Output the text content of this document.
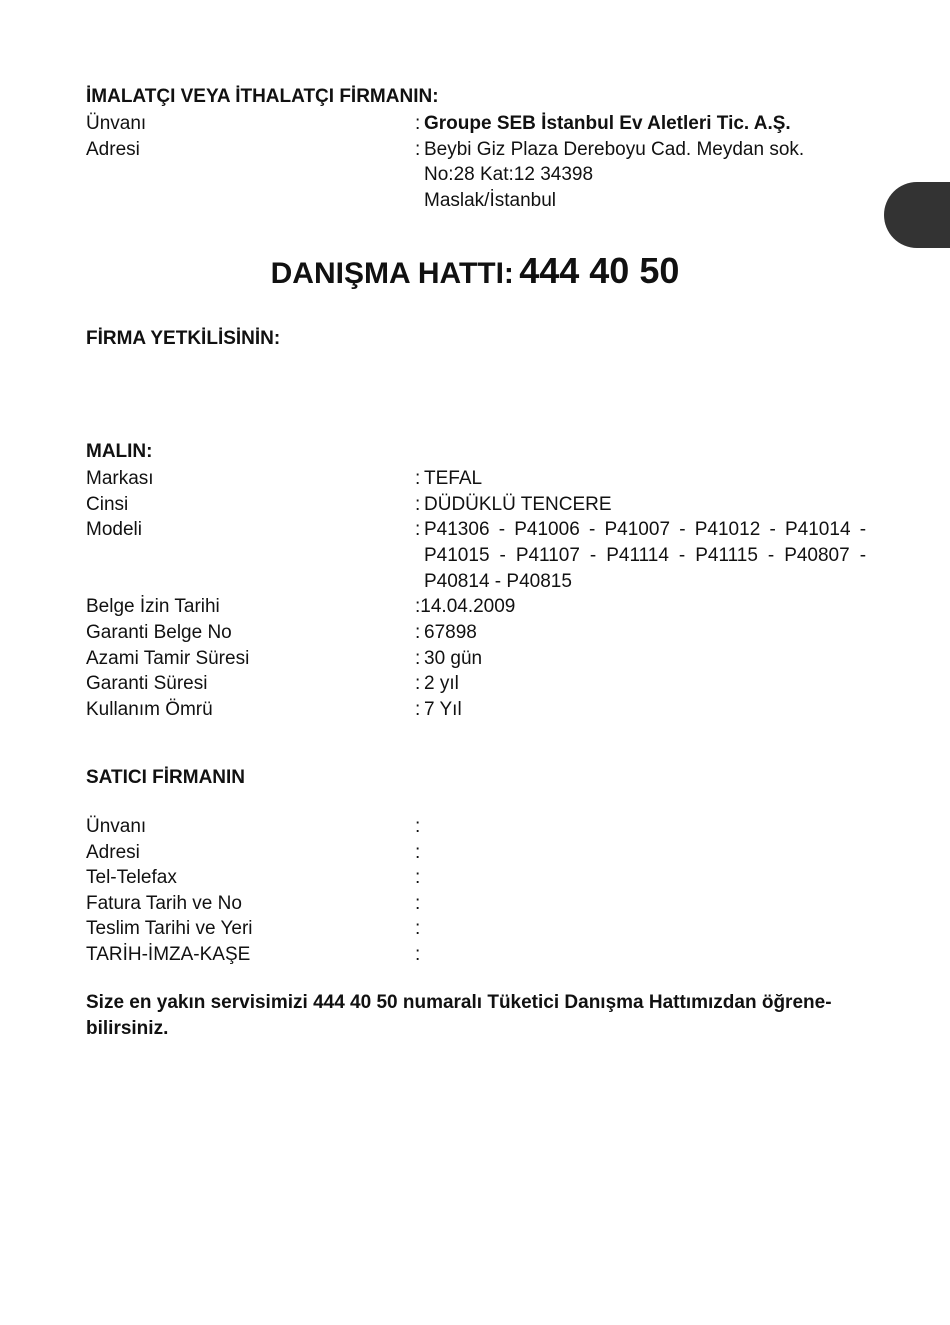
İMALATÇI VEYA İTHALATÇI FİRMANIN:
Ünvanı	: Groupe SEB İstanbul Ev Aletleri Tic. A.Ş.
Adresi	: Beybi Giz Plaza Dereboyu Cad. Meydan sok.
No:28 Kat:12 34398
Maslak/İstanbul
DANIŞMA HATTI: 444 40 50
FİRMA YETKİLİSİNİN:
MALIN:
Markası	: TEFAL
Cinsi	: DÜDÜKLÜ TENCERE
Modeli	: P41306 - P41006 - P41007 - P41012 - P41014 -
P41015 - P41107 - P41114 - P41115 - P40807 -
P40814 - P40815
Belge İzin Tarihi	:14.04.2009
Garanti Belge No	: 67898
Azami Tamir Süresi	: 30 gün
Garanti Süresi	: 2 yıl
Kullanım Ömrü	: 7 Yıl
SATICI FİRMANIN
Ünvanı	:
Adresi	:
Tel-Telefax	:
Fatura Tarih ve No	:
Teslim Tarihi ve Yeri	:
TARİH-İMZA-KAŞE	:
Size en yakın servisimizi 444 40 50 numaralı Tüketici Danışma Hattımızdan öğrene-bilirsiniz.
